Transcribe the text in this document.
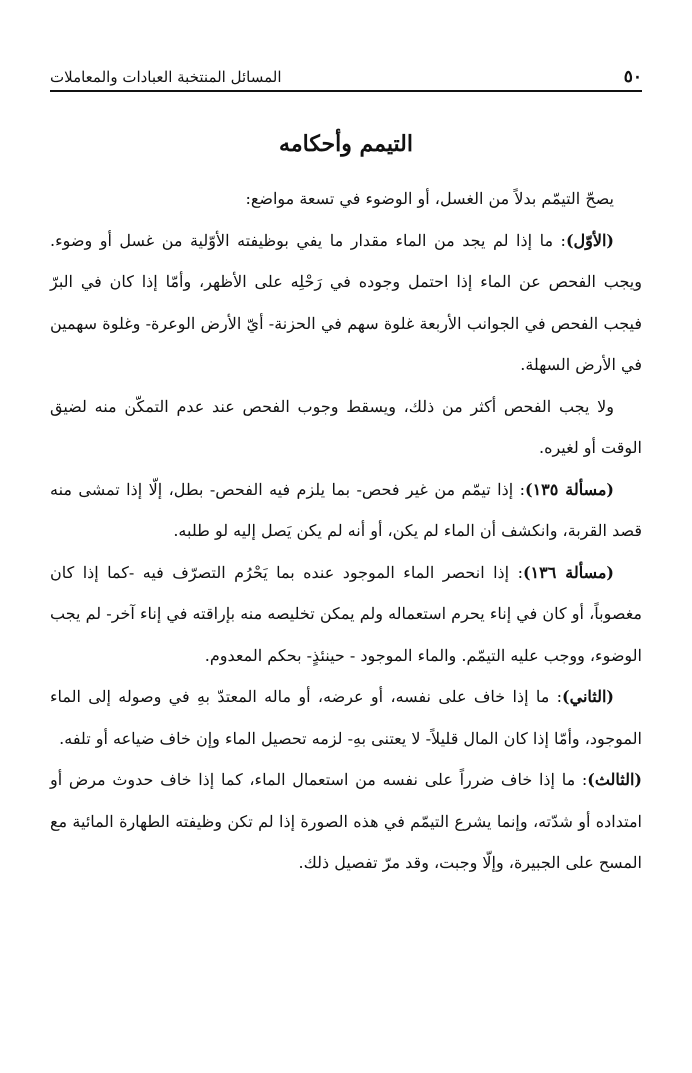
٥٠
المسائل المنتخبة العبادات والمعاملات
التيمم وأحكامه

يصحّ التيمّم بدلاً من الغسل، أو الوضوء في تسعة مواضع:

(الأوّل): ما إذا لم يجد من الماء مقدار ما يفي بوظيفته الأوّلية من غسل أو وضوء. ويجب الفحص عن الماء إذا احتمل وجوده في رَحْلِه على الأظهر، وأمّا إذا كان في البرّ فيجب الفحص في الجوانب الأربعة غلوة سهم في الحزنة- أيّ الأرض الوعرة- وغلوة سهمين في الأرض السهلة.

ولا يجب الفحص أكثر من ذلك، ويسقط وجوب الفحص عند عدم التمكّن منه لضيق الوقت أو لغيره.

(مسألة ١٣٥): إذا تيمّم من غير فحص- بما يلزم فيه الفحص- بطل، إلّا إذا تمشى منه قصد القربة، وانكشف أن الماء لم يكن، أو أنه لم يكن يَصل إليه لو طلبه.

(مسألة ١٣٦): إذا انحصر الماء الموجود عنده بما يَحْرُم التصرّف فيه -كما إذا كان مغصوباً، أو كان في إناء يحرم استعماله ولم يمكن تخليصه منه بإراقته في إناء آخر- لم يجب الوضوء، ووجب عليه التيمّم. والماء الموجود - حينئذٍ- بحكم المعدوم.

(الثاني): ما إذا خاف على نفسه، أو عرضه، أو ماله المعتدّ بهِ في وصوله إلى الماء الموجود، وأمّا إذا كان المال قليلاً- لا يعتنى بهِ- لزمه تحصيل الماء وإن خاف ضياعه أو تلفه.

(الثالث): ما إذا خاف ضرراً على نفسه من استعمال الماء، كما إذا خاف حدوث مرض أو امتداده أو شدّته، وإنما يشرع التيمّم في هذه الصورة إذا لم تكن وظيفته الطهارة المائية مع المسح على الجبيرة، وإلّا وجبت، وقد مرّ تفصيل ذلك.
